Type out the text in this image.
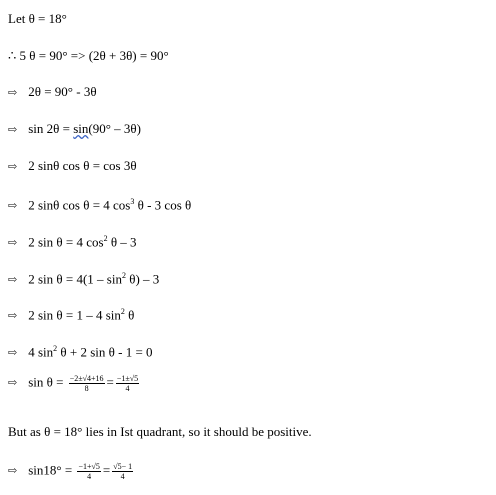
Let θ = 18°
∴ 5 θ = 90° => (2θ + 3θ) = 90°
⇨ 2θ = 90° - 3θ
⇨ sin 2θ = sin(90° – 3θ)
⇨ 2 sinθ cos θ = cos 3θ
⇨ 2 sinθ cos θ = 4 $\cos^3 \theta - 3$ cos θ
⇨ 2 sin θ = 4 $\cos^2 \theta - 3$
⇨ 2 $\sin \theta = 4(1 - \sin^2 \theta) - 3$
⇨ 2 sin θ = 1 – 4 $\sin^2 \theta$
⇨ 4 $\sin^2 \theta + 2$ sin θ - 1 = 0
⇨ $\sin \theta = \frac{-2\pm√4+16}{8} = \frac{-1\pm√5}{4}$
But as θ = 18° lies in Ist quadrant, so it should be positive.
⇨ $\sin 18^\circ = \frac{-1+√5}{4} = \frac{√5- 1}{4}$
